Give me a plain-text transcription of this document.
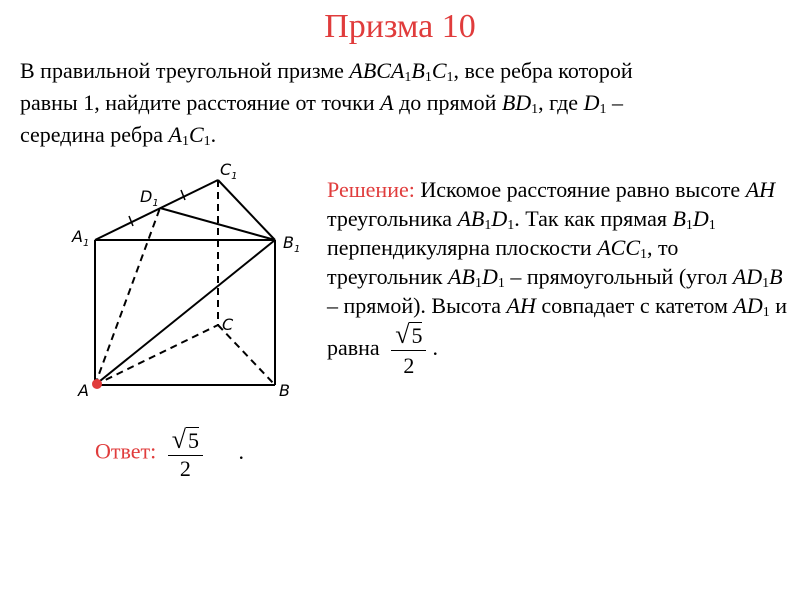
Призма 10
В правильной треугольной призме $ABCA_1B_1C_1$, все ребра которой
равны 1, найдите расстояние от точки A до прямой $BD_1$, где $D_1$ –
середина ребра $A_1C_1$.
Решение: Искомое расстояние равно высоте AH треугольника $AB_1D_1$. Так как прямая $B_1D_1$ перпендикулярна плоскости $ACC_1$, то треугольник $AB_1D_1$ – прямоугольный (угол $AD_1B$ – прямой). Высота AH совпадает с катетом $AD_1$ и равна $\frac{√5}{2}$ .
Ответ: $\frac{√5}{2}$ .
$A_1$	$B_1$
$C_1$
$D_1$
A	B
C
